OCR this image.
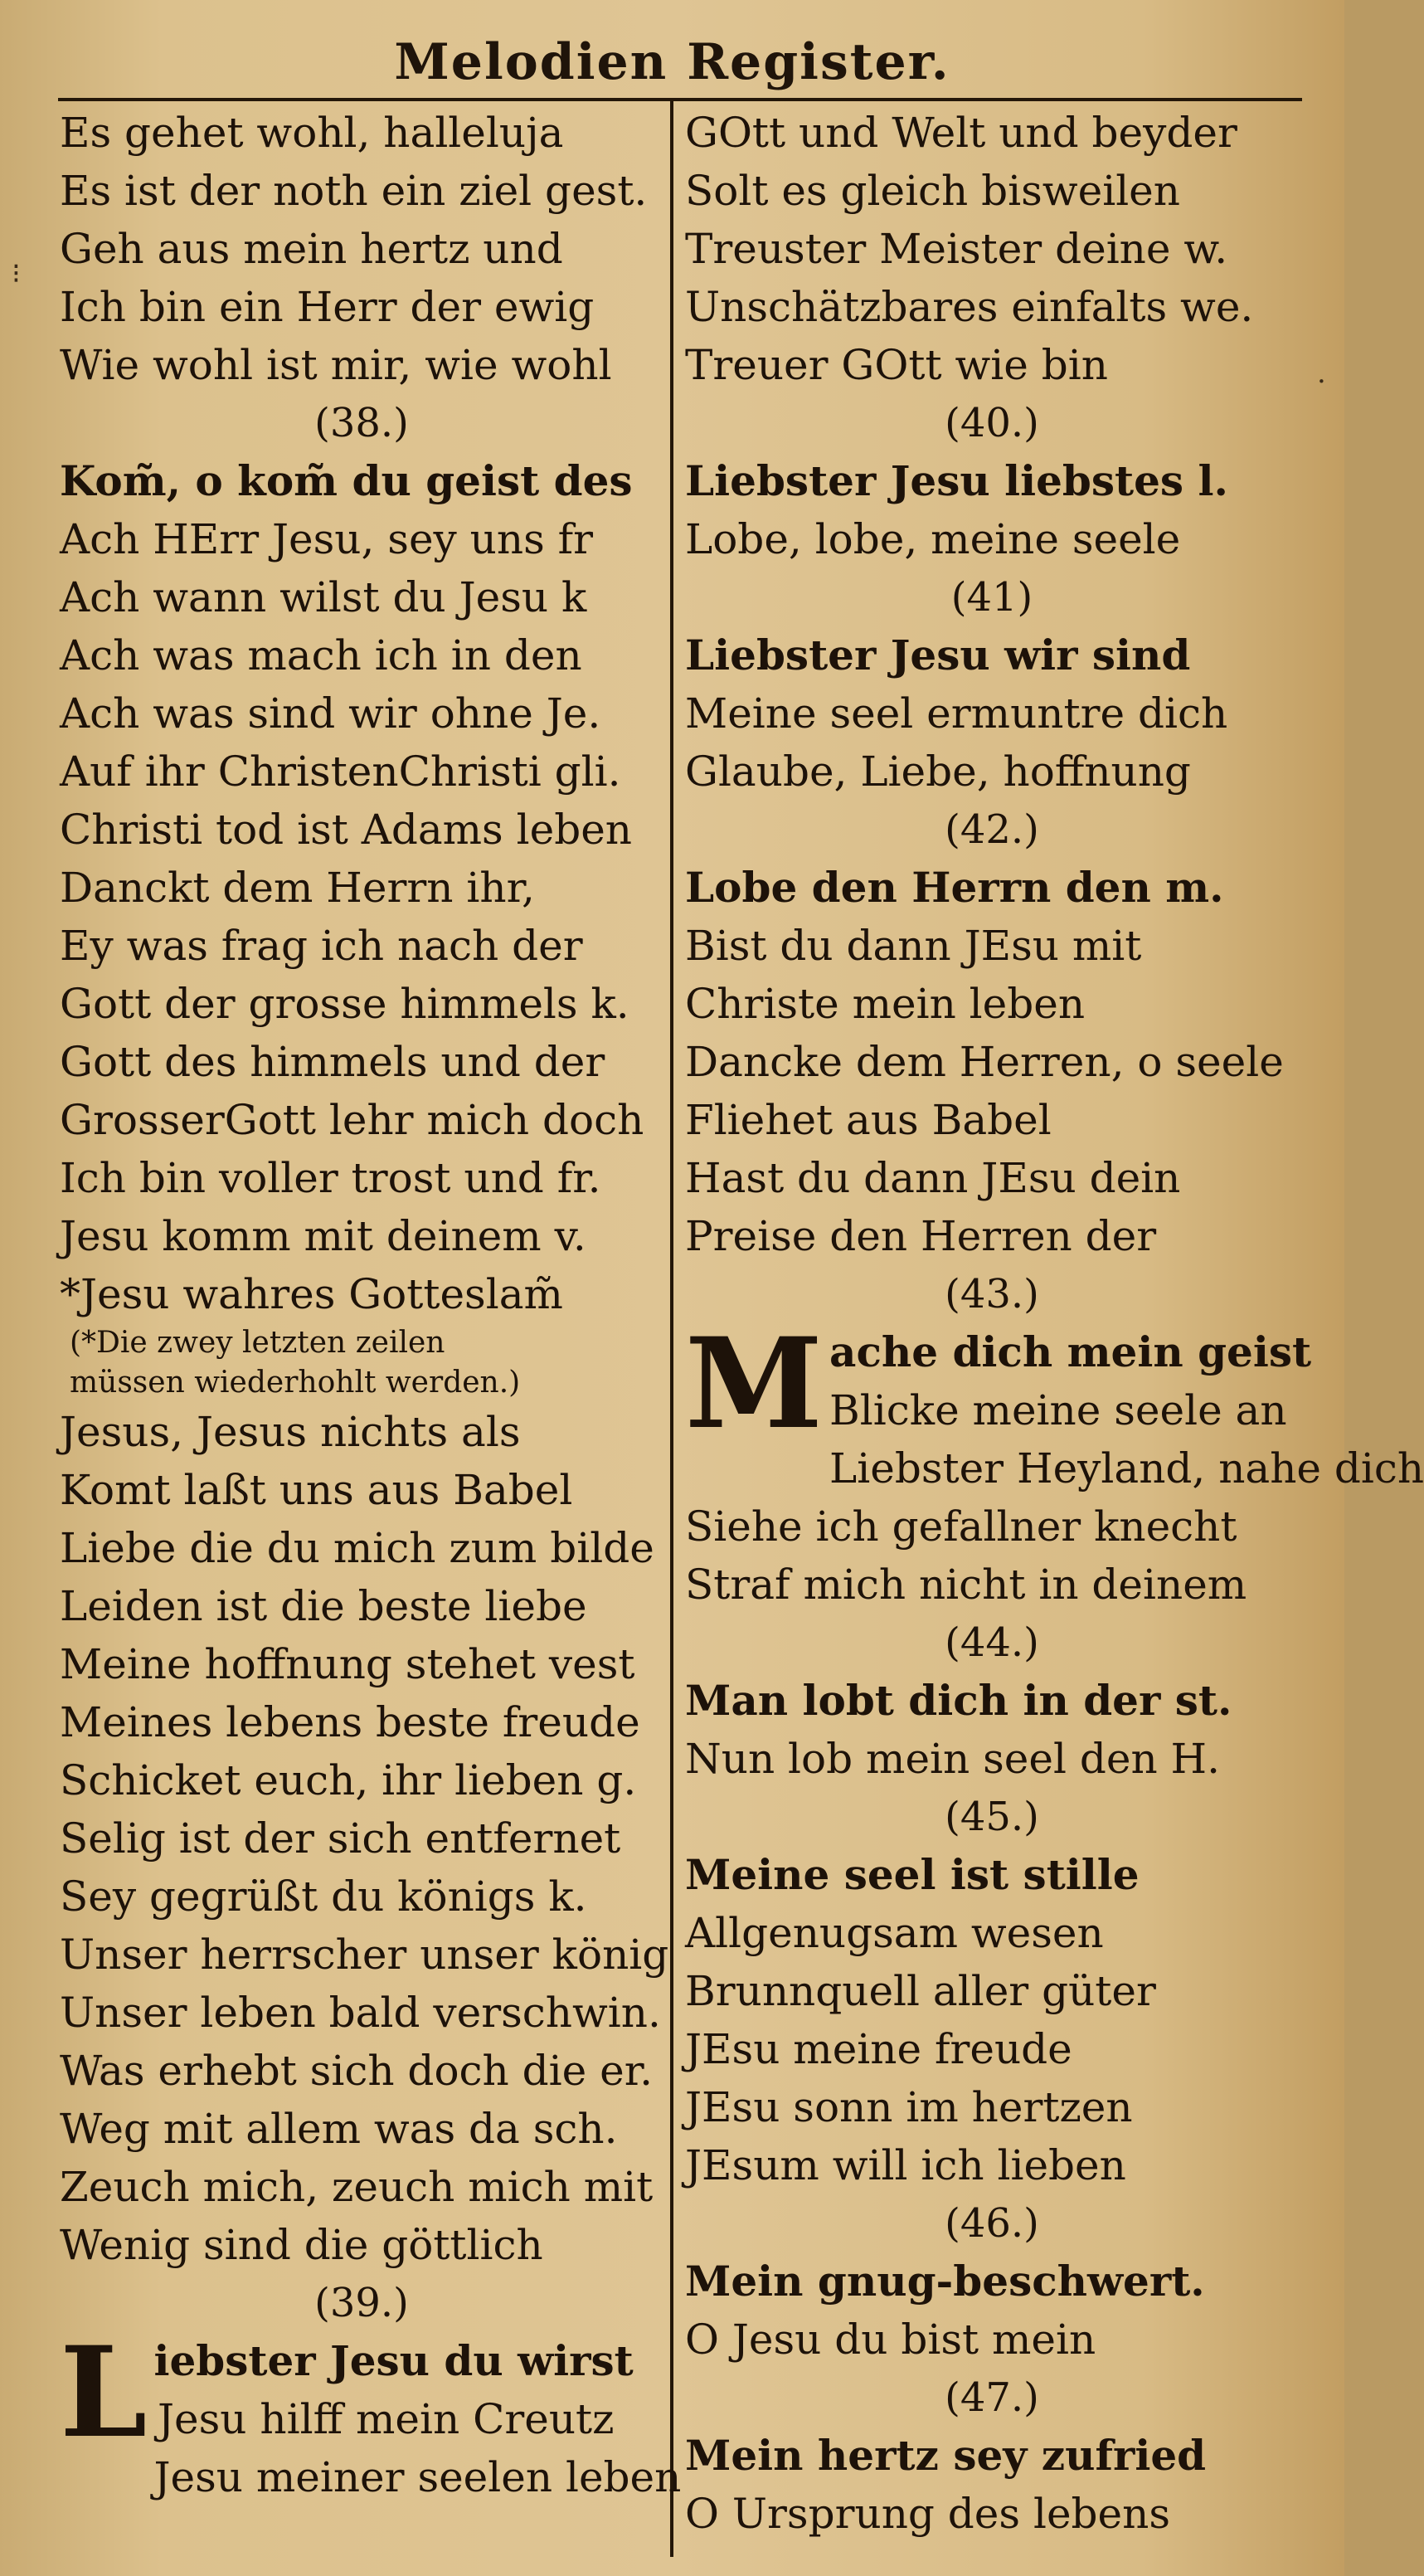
Melodien Register.
Es gehet wohl, halleluja
Es ist der noth ein ziel gest.
Geh aus mein hertz und
Ich bin ein Herr der ewig
Wie wohl ist mir, wie wohl
(38.)
Kom̃, o kom̃ du geist des
Ach HErr Jesu, sey uns fr
Ach wann wilst du Jesu k
Ach was mach ich in den
Ach was sind wir ohne Je.
Auf ihr ChristenChristi gli.
Christi tod ist Adams leben
Danckt dem Herrn ihr,
Ey was frag ich nach der
Gott der grosse himmels k.
Gott des himmels und der
GrosserGott lehr mich doch
Ich bin voller trost und fr.
Jesu komm mit deinem v.
*Jesu wahres Gotteslam̃
(*Die zwey letzten zeilen
müssen wiederhohlt werden.)
Jesus, Jesus nichts als
Komt laßt uns aus Babel
Liebe die du mich zum bilde
Leiden ist die beste liebe
Meine hoffnung stehet vest
Meines lebens beste freude
Schicket euch, ihr lieben g.
Selig ist der sich entfernet
Sey gegrüßt du königs k.
Unser herrscher unser könig
Unser leben bald verschwin.
Was erhebt sich doch die er.
Weg mit allem was da sch.
Zeuch mich, zeuch mich mit
Wenig sind die göttlich
(39.)
Liebster Jesu du wirst
Jesu hilff mein Creutz
Jesu meiner seelen leben
GOtt und Welt und beyder
Solt es gleich bisweilen
Treuster Meister deine w.
Unschätzbares einfalts we.
Treuer GOtt wie bin
(40.)
Liebster Jesu liebstes l.
Lobe, lobe, meine seele
(41)
Liebster Jesu wir sind
Meine seel ermuntre dich
Glaube, Liebe, hoffnung
(42.)
Lobe den Herrn den m.
Bist du dann JEsu mit
Christe mein leben
Dancke dem Herren, o seele
Fliehet aus Babel
Hast du dann JEsu dein
Preise den Herren der
(43.)
Mache dich mein geist
Blicke meine seele an
Liebster Heyland, nahe dich
Siehe ich gefallner knecht
Straf mich nicht in deinem
(44.)
Man lobt dich in der st.
Nun lob mein seel den H.
(45.)
Meine seel ist stille
Allgenugsam wesen
Brunnquell aller güter
JEsu meine freude
JEsu sonn im hertzen
JEsum will ich lieben
(46.)
Mein gnug-beschwert.
O Jesu du bist mein
(47.)
Mein hertz sey zufried
O Ursprung des lebens
⁝
·
